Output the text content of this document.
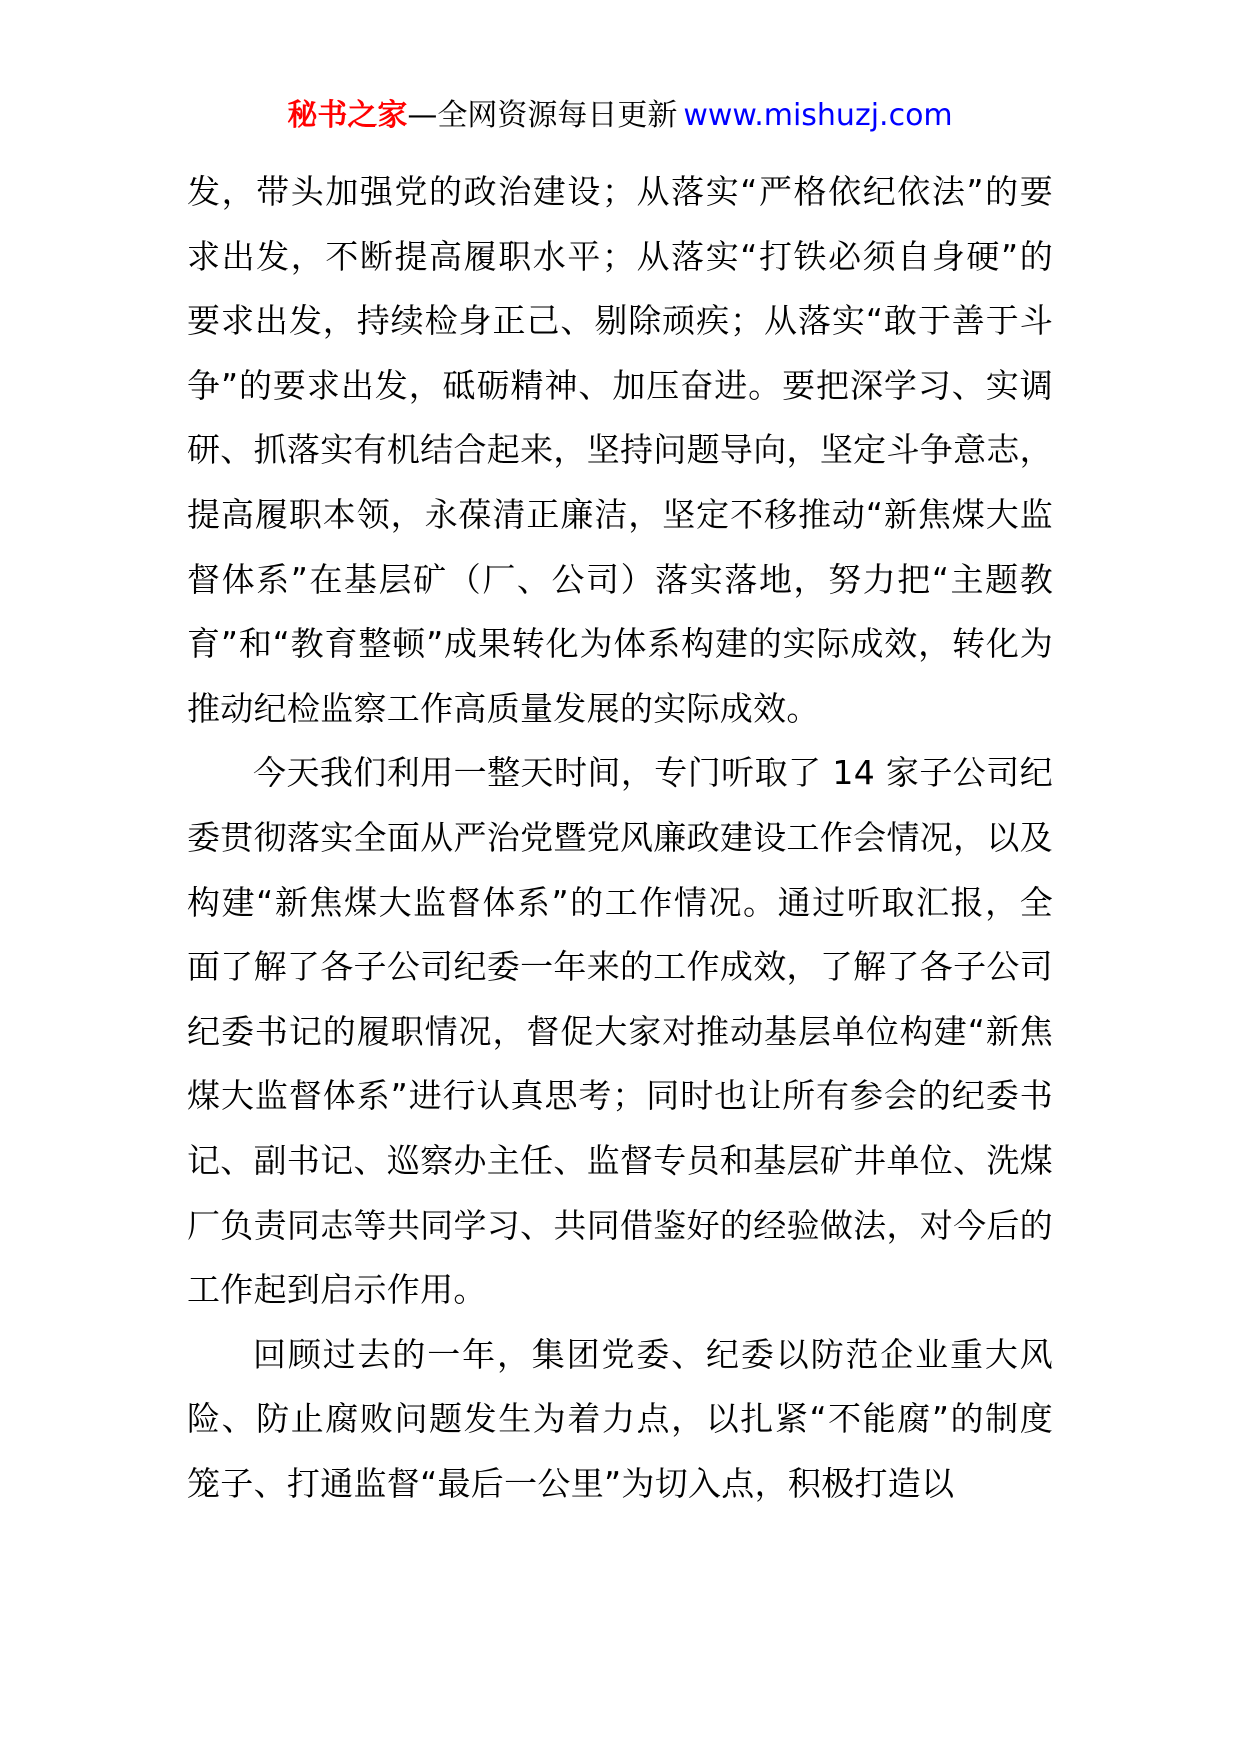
秘书之家—全网资源每日更新 www.mishuzj.com

发，带头加强党的政治建设；从落实“严格依纪依法”的要求出发，不断提高履职水平；从落实“打铁必须自身硬”的要求出发，持续检身正己、剔除顽疾；从落实“敢于善于斗争”的要求出发，砥砺精神、加压奋进。要把深学习、实调研、抓落实有机结合起来，坚持问题导向，坚定斗争意志，提高履职本领，永葆清正廉洁，坚定不移推动“新焦煤大监督体系”在基层矿（厂、公司）落实落地，努力把“主题教育”和“教育整顿”成果转化为体系构建的实际成效，转化为推动纪检监察工作高质量发展的实际成效。

今天我们利用一整天时间，专门听取了 14 家子公司纪委贯彻落实全面从严治党暨党风廉政建设工作会情况，以及构建“新焦煤大监督体系”的工作情况。通过听取汇报，全面了解了各子公司纪委一年来的工作成效，了解了各子公司纪委书记的履职情况，督促大家对推动基层单位构建“新焦煤大监督体系”进行认真思考；同时也让所有参会的纪委书记、副书记、巡察办主任、监督专员和基层矿井单位、洗煤厂负责同志等共同学习、共同借鉴好的经验做法，对今后的工作起到启示作用。

回顾过去的一年，集团党委、纪委以防范企业重大风险、防止腐败问题发生为着力点，以扎紧“不能腐”的制度笼子、打通监督“最后一公里”为切入点，积极打造以
